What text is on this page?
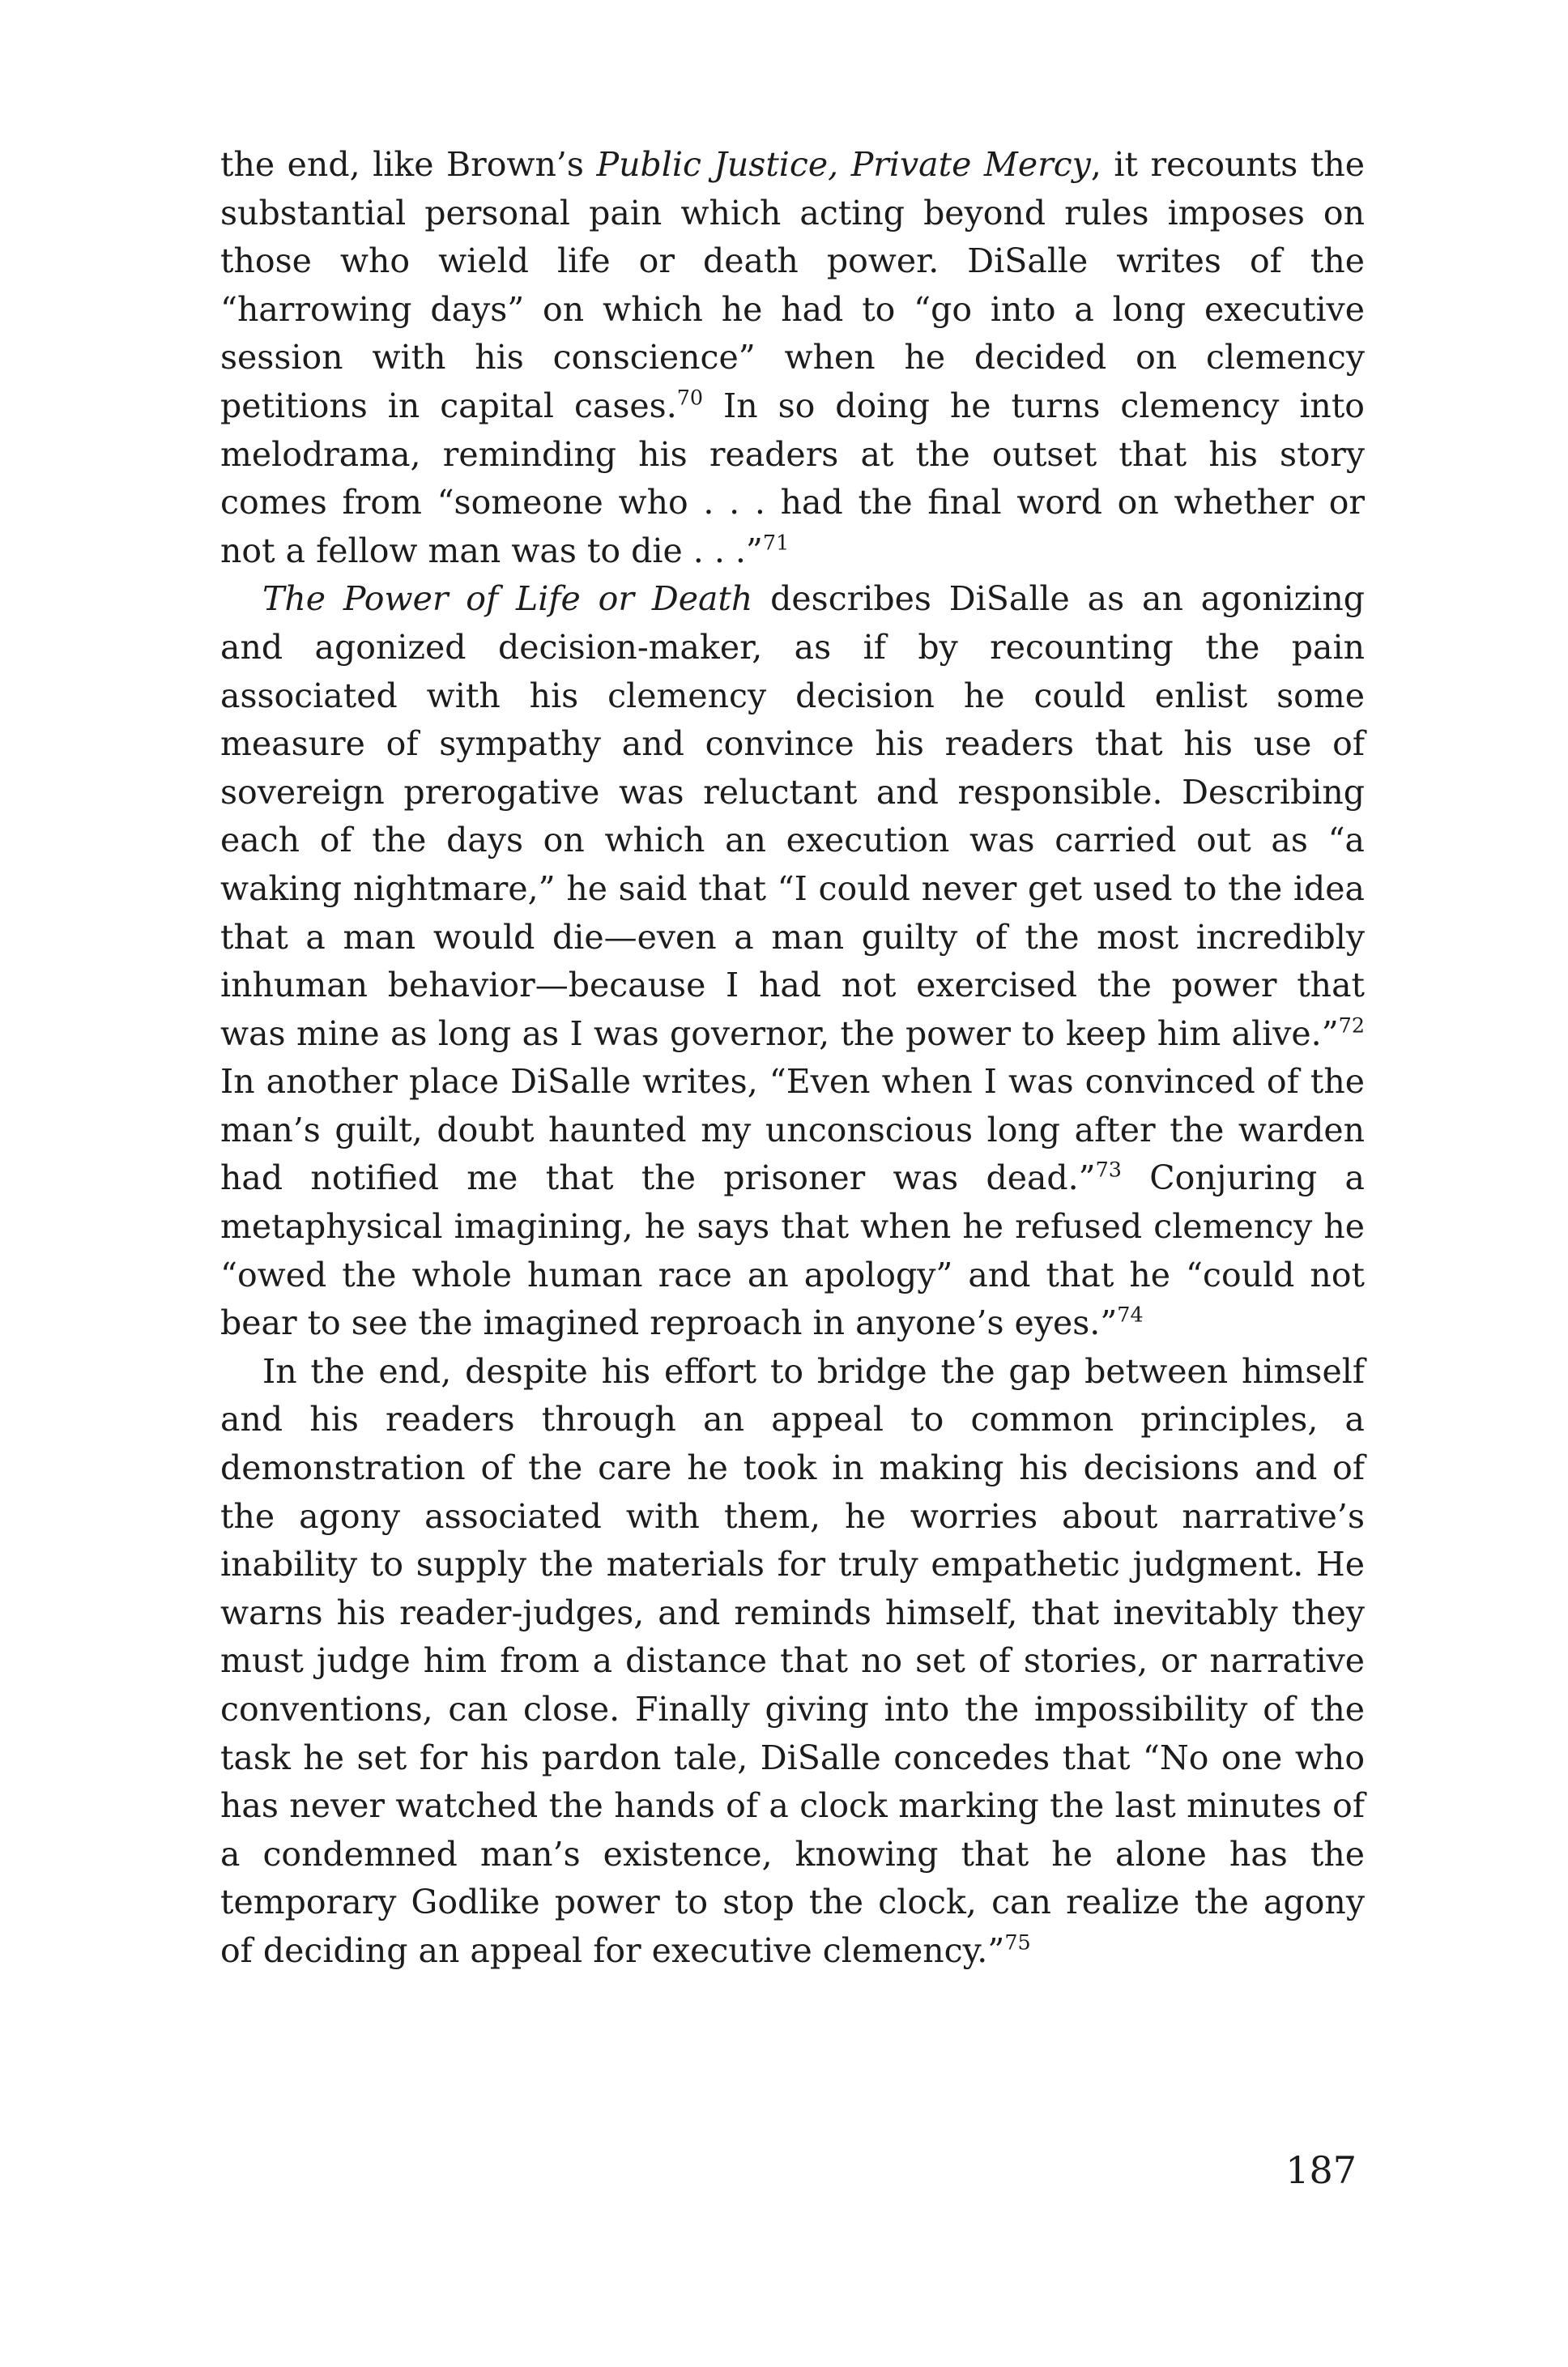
the end, like Brown’s Public Justice, Private Mercy, it recounts the substantial personal pain which acting beyond rules imposes on those who wield life or death power. DiSalle writes of the “harrowing days” on which he had to “go into a long executive session with his conscience” when he decided on clemency petitions in capital cases.$^{70}$ In so doing he turns clemency into melodrama, reminding his readers at the outset that his story comes from “someone who . . . had the final word on whether or not a fellow man was to die . . .”$^{71}$

The Power of Life or Death describes DiSalle as an agonizing and agonized decision-maker, as if by recounting the pain associated with his clemency decision he could enlist some measure of sympathy and convince his readers that his use of sovereign prerogative was reluctant and responsible. Describing each of the days on which an execution was carried out as “a waking nightmare,” he said that “I could never get used to the idea that a man would die—even a man guilty of the most incredibly inhuman behavior—because I had not exercised the power that was mine as long as I was governor, the power to keep him alive.”$^{72}$ In another place DiSalle writes, “Even when I was convinced of the man’s guilt, doubt haunted my unconscious long after the warden had notified me that the prisoner was dead.”$^{73}$ Conjuring a metaphysical imagining, he says that when he refused clemency he “owed the whole human race an apology” and that he “could not bear to see the imagined reproach in anyone’s eyes.”$^{74}$

In the end, despite his effort to bridge the gap between himself and his readers through an appeal to common principles, a demonstration of the care he took in making his decisions and of the agony associated with them, he worries about narrative’s inability to supply the materials for truly empathetic judgment. He warns his reader-judges, and reminds himself, that inevitably they must judge him from a distance that no set of stories, or narrative conventions, can close. Finally giving into the impossibility of the task he set for his pardon tale, DiSalle concedes that “No one who has never watched the hands of a clock marking the last minutes of a condemned man’s existence, knowing that he alone has the temporary Godlike power to stop the clock, can realize the agony of deciding an appeal for executive clemency.”$^{75}$

187
